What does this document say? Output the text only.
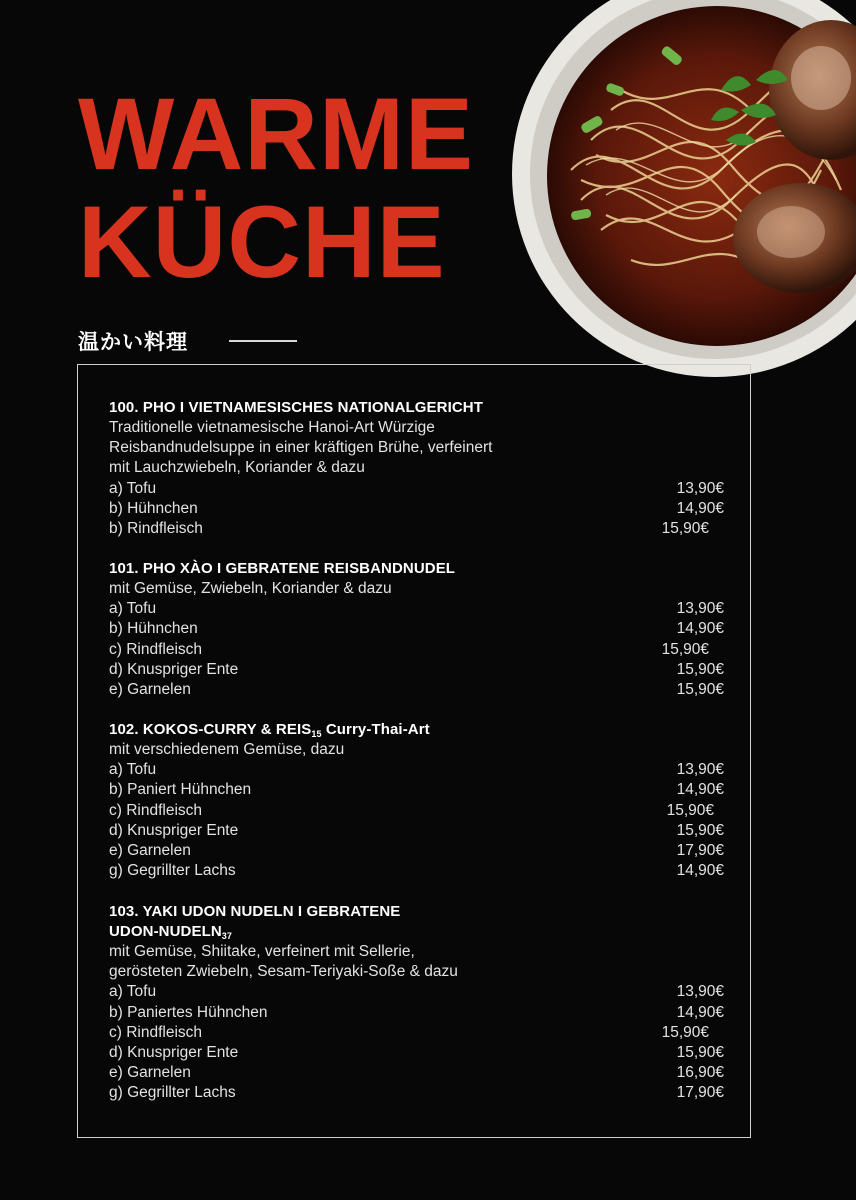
WARME
KÜCHE
温かい料理
100. PHO I VIETNAMESISCHES NATIONALGERICHT
Traditionelle vietnamesische Hanoi-Art Würzige
Reisbandnudelsuppe in einer kräftigen Brühe, verfeinert
mit Lauchzwiebeln, Koriander & dazu
a) Tofu	13,90€
b) Hühnchen	14,90€
b) Rindfleisch	15,90€
101. PHO XÀO I GEBRATENE REISBANDNUDEL
mit Gemüse, Zwiebeln, Koriander & dazu
a) Tofu	13,90€
b) Hühnchen	14,90€
c) Rindfleisch	15,90€
d) Knuspriger Ente	15,90€
e) Garnelen	15,90€
102. KOKOS-CURRY & $REIS_{15}$ Curry-Thai-Art
mit verschiedenem Gemüse, dazu
a) Tofu	13,90€
b) Paniert Hühnchen	14,90€
c) Rindfleisch	15,90€
d) Knuspriger Ente	15,90€
e) Garnelen	17,90€
g) Gegrillter Lachs	14,90€
103. YAKI UDON NUDELN I GEBRATENE
UDON-$NUDELN_{37}$
mit Gemüse, Shiitake, verfeinert mit Sellerie,
gerösteten Zwiebeln, Sesam-Teriyaki-Soße & dazu
a) Tofu	13,90€
b) Paniertes Hühnchen	14,90€
c) Rindfleisch	15,90€
d) Knuspriger Ente	15,90€
e) Garnelen	16,90€
g) Gegrillter Lachs	17,90€
